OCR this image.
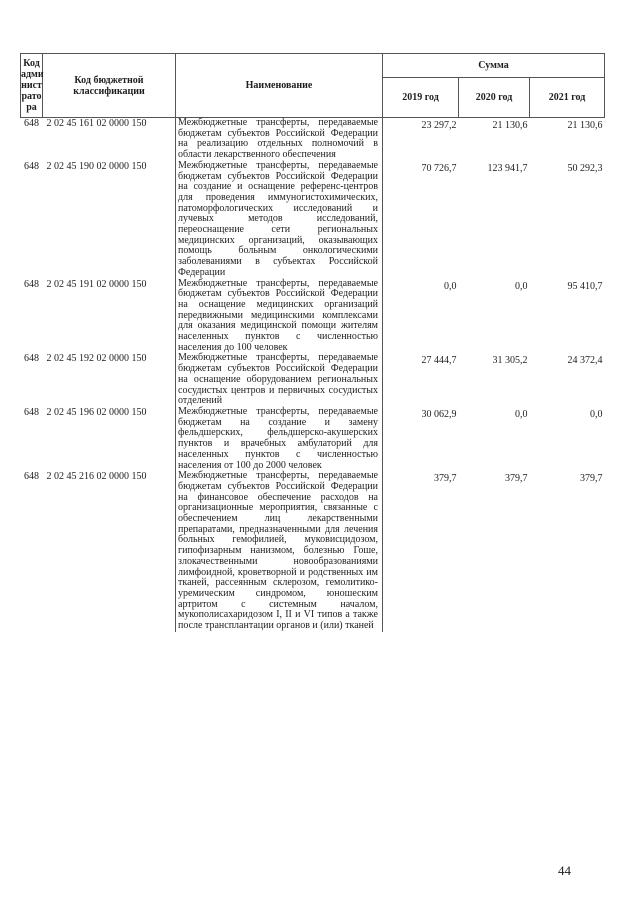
Код адми нист рато ра	Код бюджетной классификации	Наименование	Сумма		
			2019 год	2020 год	2021 год
648	2 02 45 161 02 0000 150	Межбюджетные трансферты, передаваемые бюджетам субъектов Российской Федерации на реализацию отдельных полномочий в области лекарственного обеспечения	23 297,2	21 130,6	21 130,6
648	2 02 45 190 02 0000 150	Межбюджетные трансферты, передаваемые бюджетам субъектов Российской Федерации на создание и оснащение референс-центров для проведения иммуногистохимических, патоморфологических исследований и лучевых методов исследований, переоснащение сети региональных медицинских организаций, оказывающих помощь больным онкологическими заболеваниями в субъектах Российской Федерации	70 726,7	123 941,7	50 292,3
648	2 02 45 191 02 0000 150	Межбюджетные трансферты, передаваемые бюджетам субъектов Российской Федерации на оснащение медицинских организаций передвижными медицинскими комплексами для оказания медицинской помощи жителям населенных пунктов с численностью населения до 100 человек	0,0	0,0	95 410,7
648	2 02 45 192 02 0000 150	Межбюджетные трансферты, передаваемые бюджетам субъектов Российской Федерации на оснащение оборудованием региональных сосудистых центров и первичных сосудистых отделений	27 444,7	31 305,2	24 372,4
648	2 02 45 196 02 0000 150	Межбюджетные трансферты, передаваемые бюджетам на создание и замену фельдшерских, фельдшерско-акушерских пунктов и врачебных амбулаторий для населенных пунктов с численностью населения от 100 до 2000 человек	30 062,9	0,0	0,0
648	2 02 45 216 02 0000 150	Межбюджетные трансферты, передаваемые бюджетам субъектов Российской Федерации на финансовое обеспечение расходов на организационные мероприятия, связанные с обеспечением лиц лекарственными препаратами, предназначенными для лечения больных гемофилией, муковисцидозом, гипофизарным нанизмом, болезнью Гоше, злокачественными новообразованиями лимфоидной, кроветворной и родственных им тканей, рассеянным склерозом, гемолитико-уремическим синдромом, юношеским артритом с системным началом, мукополисахаридозом I, II и VI типов а также после трансплантации органов и (или) тканей	379,7	379,7	379,7
44
